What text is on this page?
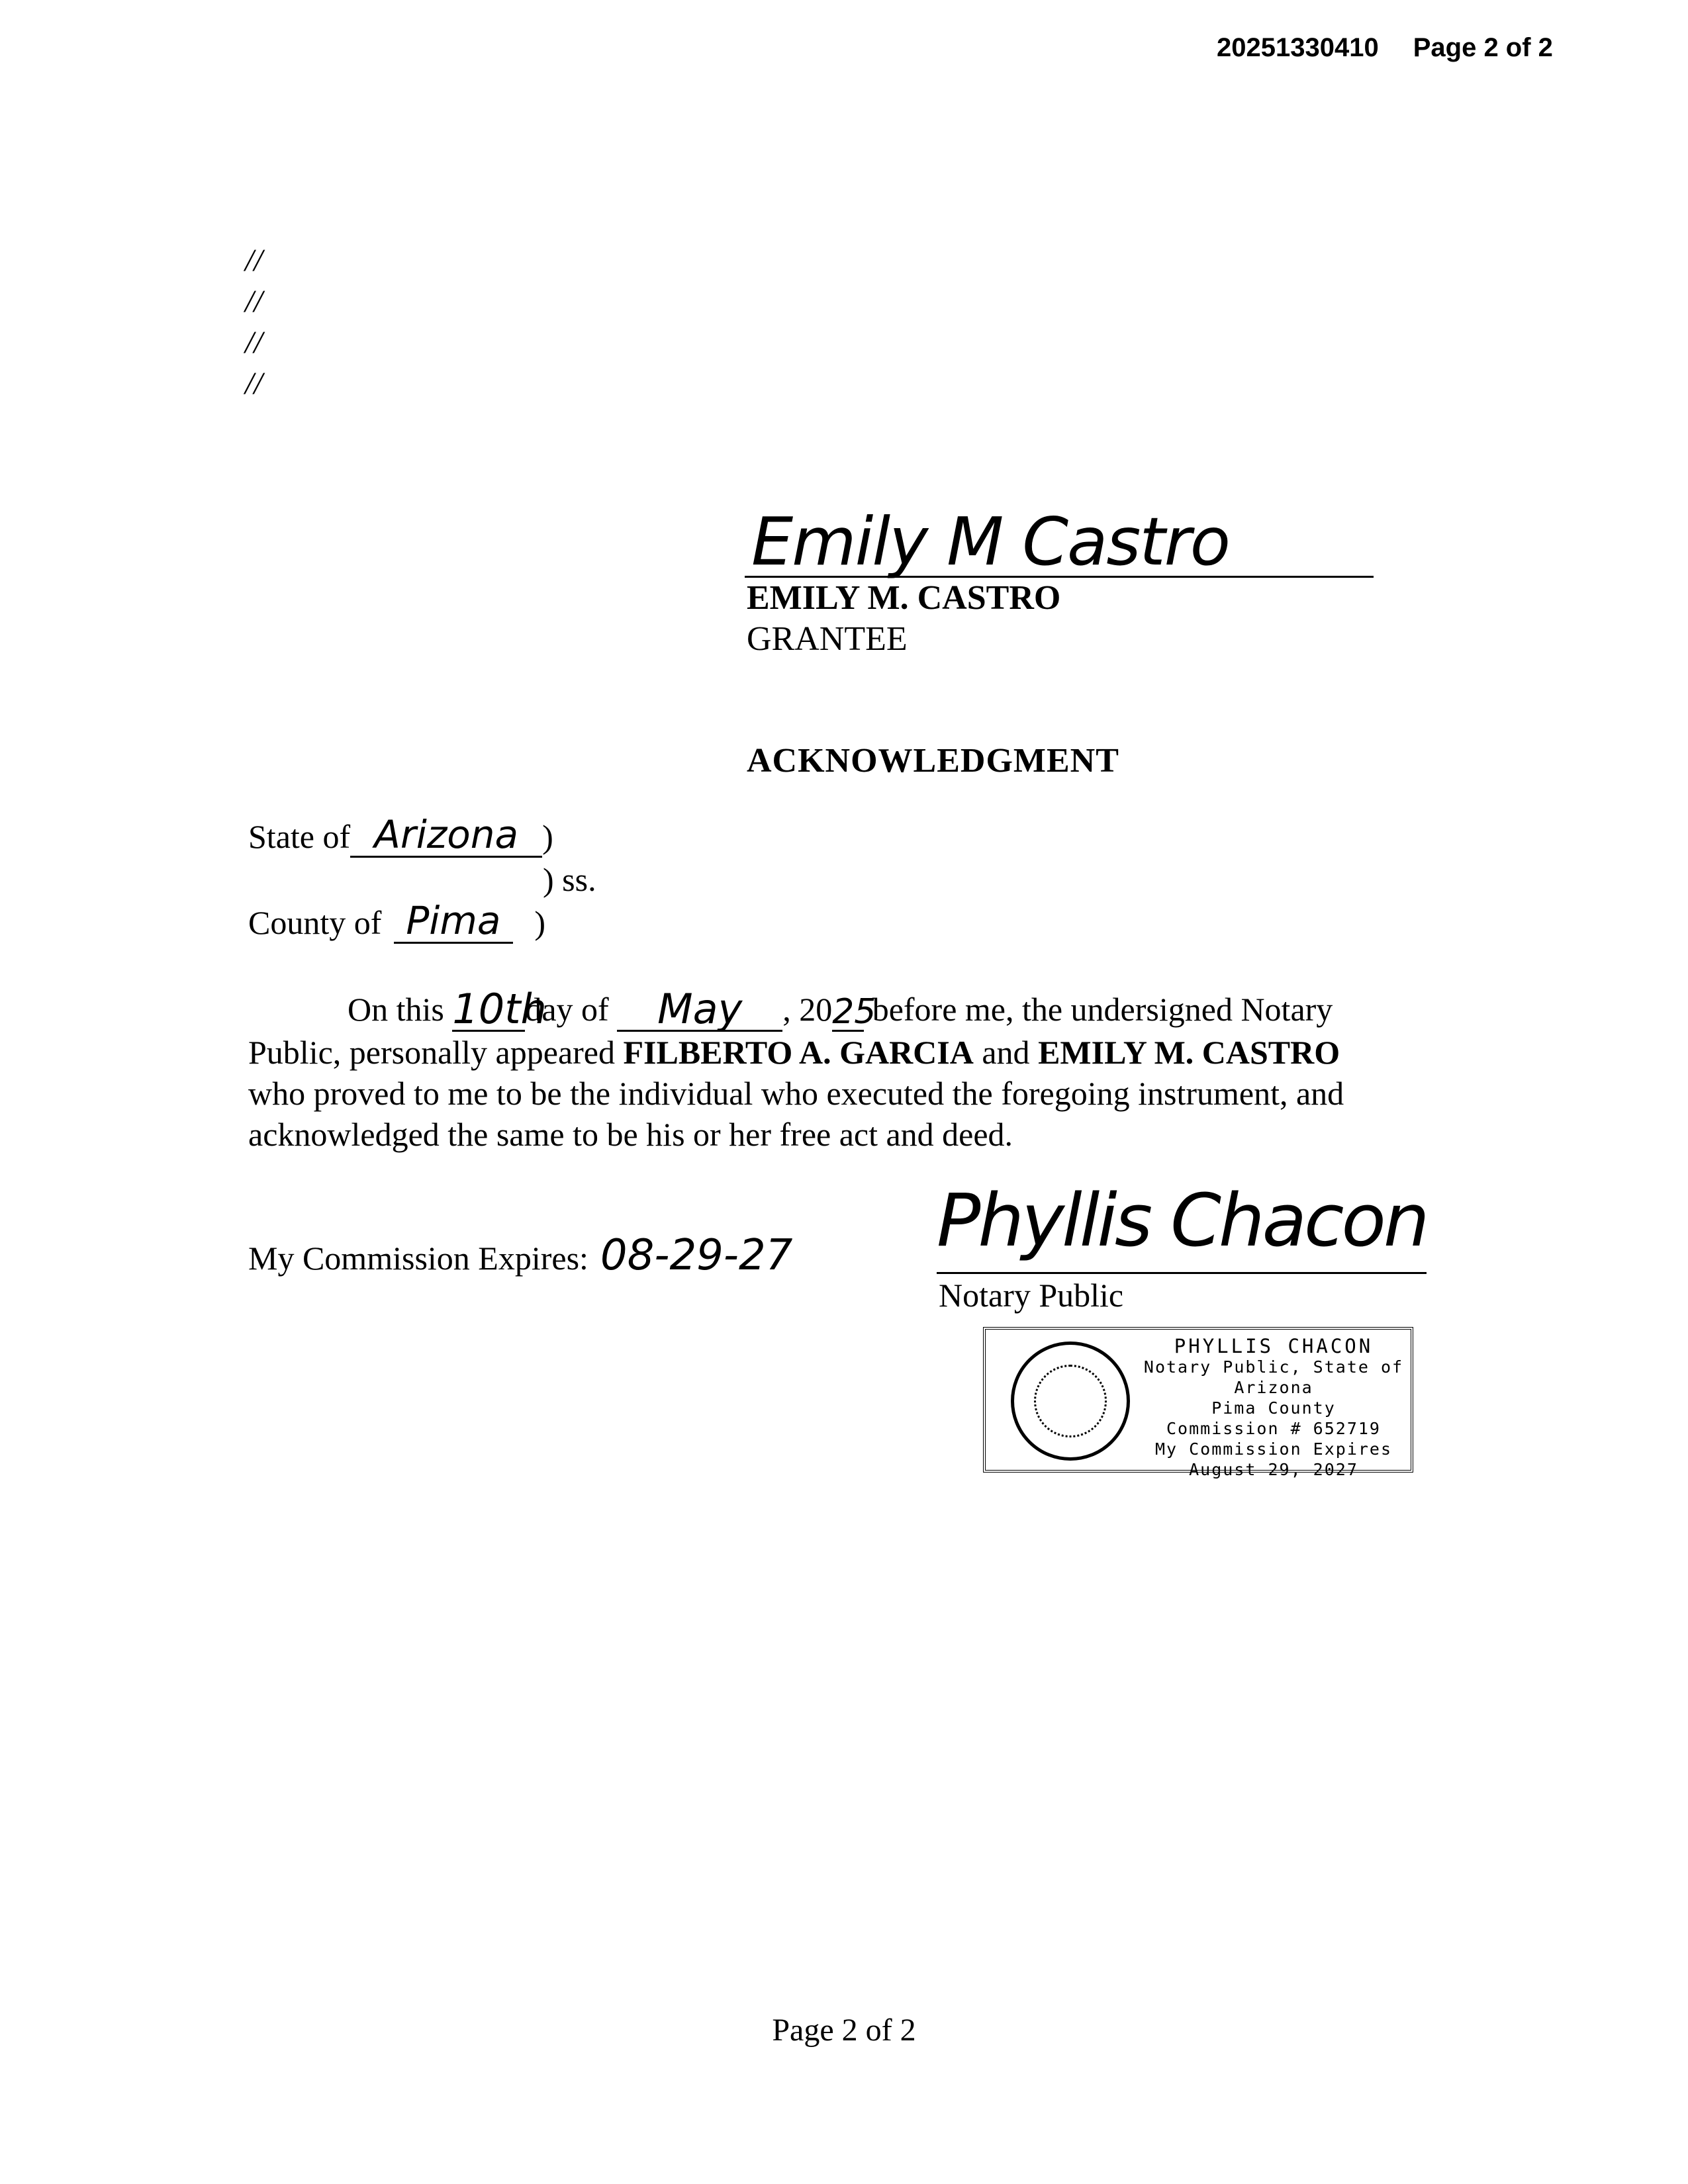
20251330410 Page 2 of 2
//
//
//
//
Emily M Castro
EMILY M. CASTRO
GRANTEE
ACKNOWLEDGMENT
State of Arizona )
) ss.
County of Pima )
On this 10thday of May , 2025 before me, the undersigned Notary
Public, personally appeared FILBERTO A. GARCIA and EMILY M. CASTRO
who proved to me to be the individual who executed the foregoing instrument, and
acknowledged the same to be his or her free act and deed.
My Commission Expires: 08-29-27 Phyllis Chacon
Notary Public
PHYLLIS CHACON
Notary Public, State of Arizona
Pima County
Commission # 652719
My Commission Expires
August 29, 2027
Page 2 of 2
